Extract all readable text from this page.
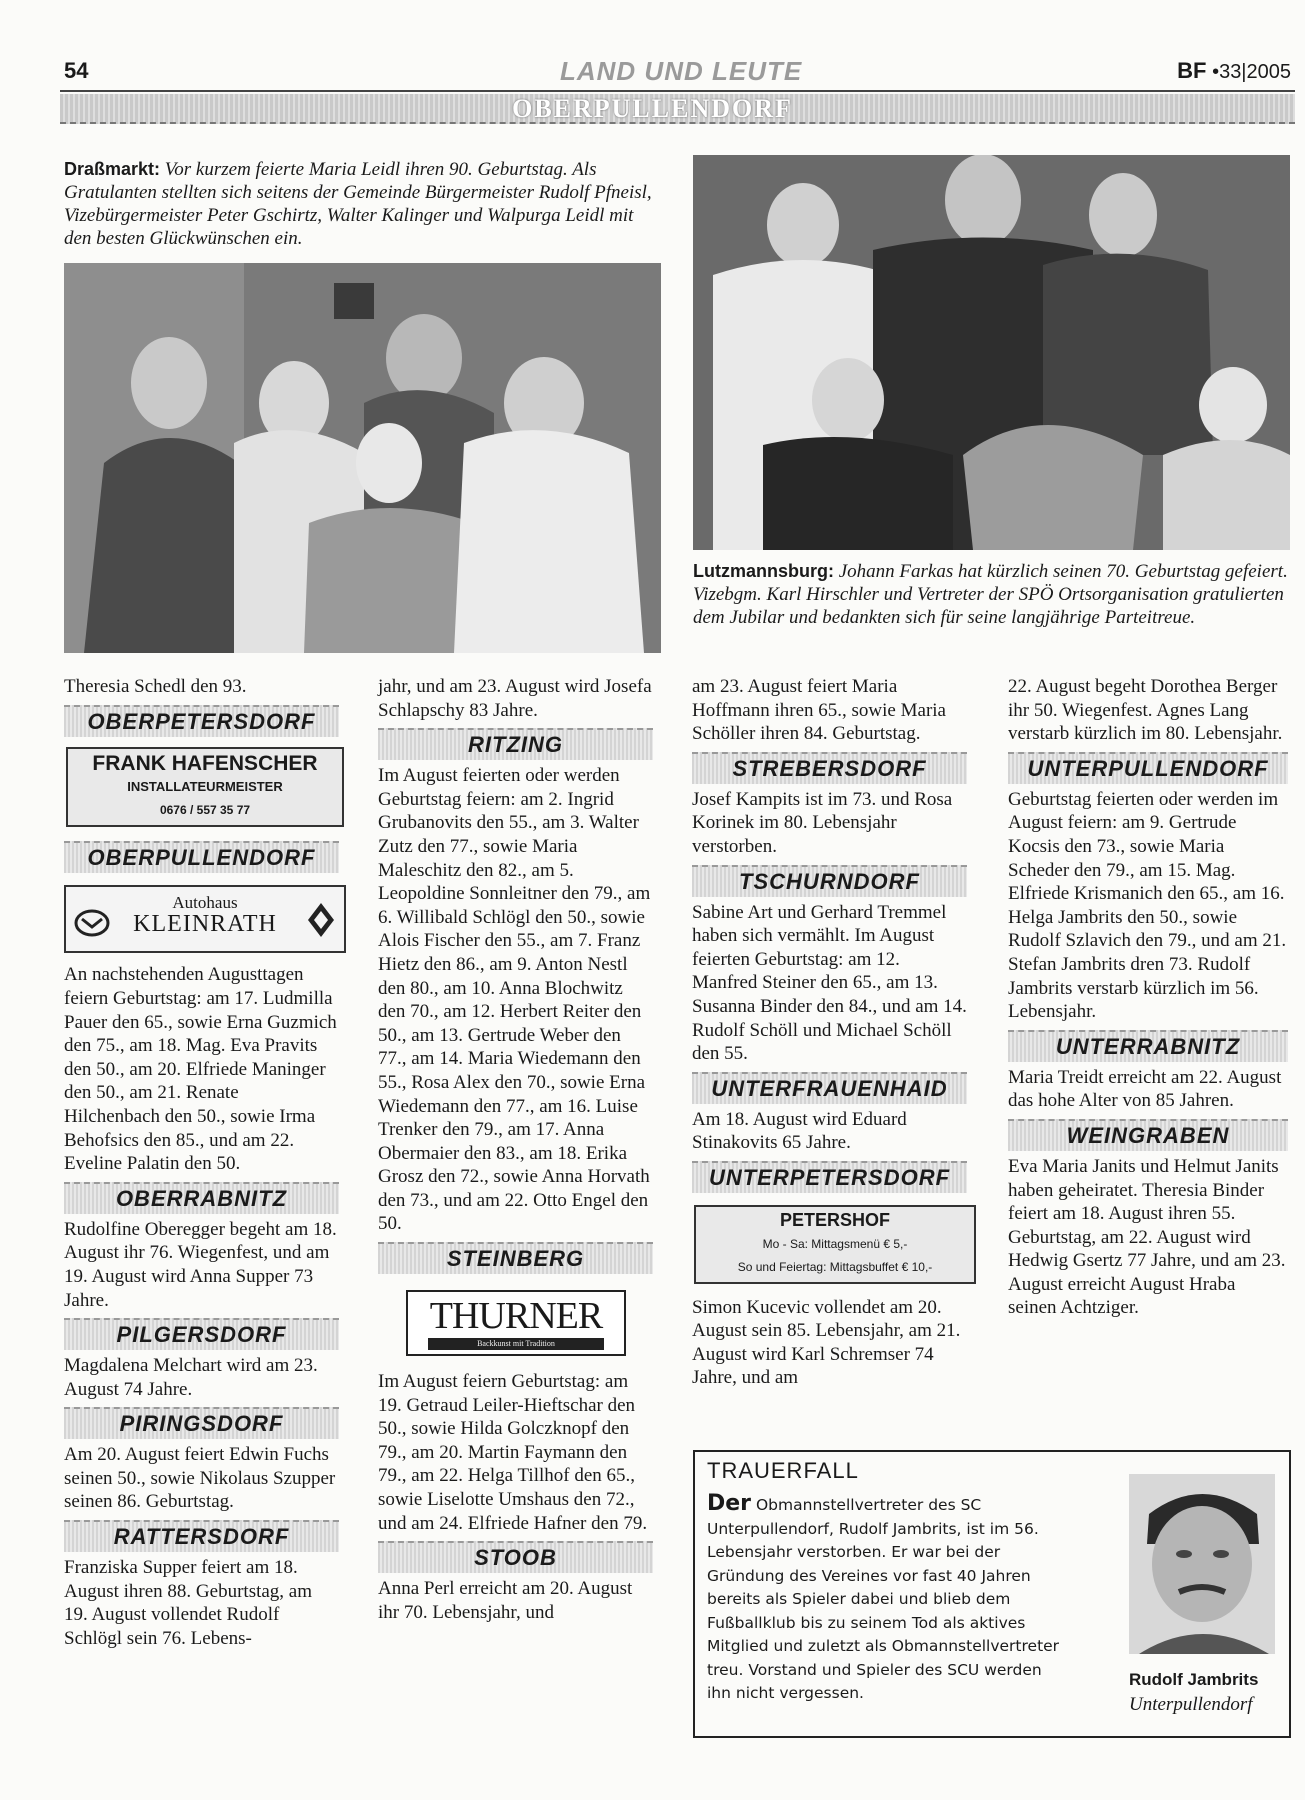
54	LAND UND LEUTE	BF •33|2005
OBERPULLENDORF
Draßmarkt: Vor kurzem feierte Maria Leidl ihren 90. Geburtstag. Als Gratulanten stellten sich seitens der Gemeinde Bürgermeister Rudolf Pfneisl, Vizebürgermeister Peter Gschirtz, Walter Kalinger und Walpurga Leidl mit den besten Glückwünschen ein.
Lutzmannsburg: Johann Farkas hat kürzlich seinen 70. Geburtstag gefeiert. Vizebgm. Karl Hirschler und Vertreter der SPÖ Ortsorganisation gratulierten dem Jubilar und bedankten sich für seine langjährige Parteitreue.

Theresia Schedl den 93.

OBERPETERSDORF
FRANK HAFENSCHER
INSTALLATEURMEISTER
0676 / 557 35 77
OBERPULLENDORF
Autohaus
KLEINRATH

An nachstehenden Augusttagen feiern Geburtstag: am 17. Ludmilla Pauer den 65., sowie Erna Guzmich den 75., am 18. Mag. Eva Pravits den 50., am 20. Elfriede Maninger den 50., am 21. Renate Hilchenbach den 50., sowie Irma Behofsics den 85., und am 22. Eveline Palatin den 50.

OBERRABNITZ

Rudolfine Oberegger begeht am 18. August ihr 76. Wiegenfest, und am 19. August wird Anna Supper 73 Jahre.

PILGERSDORF

Magdalena Melchart wird am 23. August 74 Jahre.

PIRINGSDORF

Am 20. August feiert Edwin Fuchs seinen 50., sowie Nikolaus Szupper seinen 86. Geburtstag.

RATTERSDORF

Franziska Supper feiert am 18. August ihren 88. Geburtstag, am 19. August vollendet Rudolf Schlögl sein 76. Lebens-

jahr, und am 23. August wird Josefa Schlapschy 83 Jahre.

RITZING

Im August feierten oder werden Geburtstag feiern: am 2. Ingrid Grubanovits den 55., am 3. Walter Zutz den 77., sowie Maria Maleschitz den 82., am 5. Leopoldine Sonnleitner den 79., am 6. Willibald Schlögl den 50., sowie Alois Fischer den 55., am 7. Franz Hietz den 86., am 9. Anton Nestl den 80., am 10. Anna Blochwitz den 70., am 12. Herbert Reiter den 50., am 13. Gertrude Weber den 77., am 14. Maria Wiedemann den 55., Rosa Alex den 70., sowie Erna Wiedemann den 77., am 16. Luise Trenker den 79., am 17. Anna Obermaier den 83., am 18. Erika Grosz den 72., sowie Anna Horvath den 73., und am 22. Otto Engel den 50.

STEINBERG
THURNER
Backkunst mit Tradition

Im August feiern Geburtstag: am 19. Getraud Leiler-Hieftschar den 50., sowie Hilda Golczknopf den 79., am 20. Martin Faymann den 79., am 22. Helga Tillhof den 65., sowie Liselotte Umshaus den 72., und am 24. Elfriede Hafner den 79.

STOOB

Anna Perl erreicht am 20. August ihr 70. Lebensjahr, und

am 23. August feiert Maria Hoffmann ihren 65., sowie Maria Schöller ihren 84. Geburtstag.

STREBERSDORF

Josef Kampits ist im 73. und Rosa Korinek im 80. Lebensjahr verstorben.

TSCHURNDORF

Sabine Art und Gerhard Tremmel haben sich vermählt. Im August feierten Geburtstag: am 12. Manfred Steiner den 65., am 13. Susanna Binder den 84., und am 14. Rudolf Schöll und Michael Schöll den 55.

UNTERFRAUENHAID

Am 18. August wird Eduard Stinakovits 65 Jahre.

UNTERPETERSDORF
PETERSHOF
Mo - Sa: Mittagsmenü € 5,-
So und Feiertag: Mittagsbuffet € 10,-

Simon Kucevic vollendet am 20. August sein 85. Lebensjahr, am 21. August wird Karl Schremser 74 Jahre, und am

22. August begeht Dorothea Berger ihr 50. Wiegenfest. Agnes Lang verstarb kürzlich im 80. Lebensjahr.

UNTERPULLENDORF

Geburtstag feierten oder werden im August feiern: am 9. Gertrude Kocsis den 73., sowie Maria Scheder den 79., am 15. Mag. Elfriede Krismanich den 65., am 16. Helga Jambrits den 50., sowie Rudolf Szlavich den 79., und am 21. Stefan Jambrits dren 73. Rudolf Jambrits verstarb kürzlich im 56. Lebensjahr.

UNTERRABNITZ

Maria Treidt erreicht am 22. August das hohe Alter von 85 Jahren.

WEINGRABEN

Eva Maria Janits und Helmut Janits haben geheiratet. Theresia Binder feiert am 18. August ihren 55. Geburtstag, am 22. August wird Hedwig Gsertz 77 Jahre, und am 23. August erreicht August Hraba seinen Achtziger.

TRAUERFALL
Der Obmannstellvertreter des SC Unterpullendorf, Rudolf Jambrits, ist im 56. Lebensjahr verstorben. Er war bei der Gründung des Vereines vor fast 40 Jahren bereits als Spieler dabei und blieb dem Fußballklub bis zu seinem Tod als aktives Mitglied und zuletzt als Obmannstellvertreter treu. Vorstand und Spieler des SCU werden ihn nicht vergessen.
Rudolf Jambrits
Unterpullendorf
